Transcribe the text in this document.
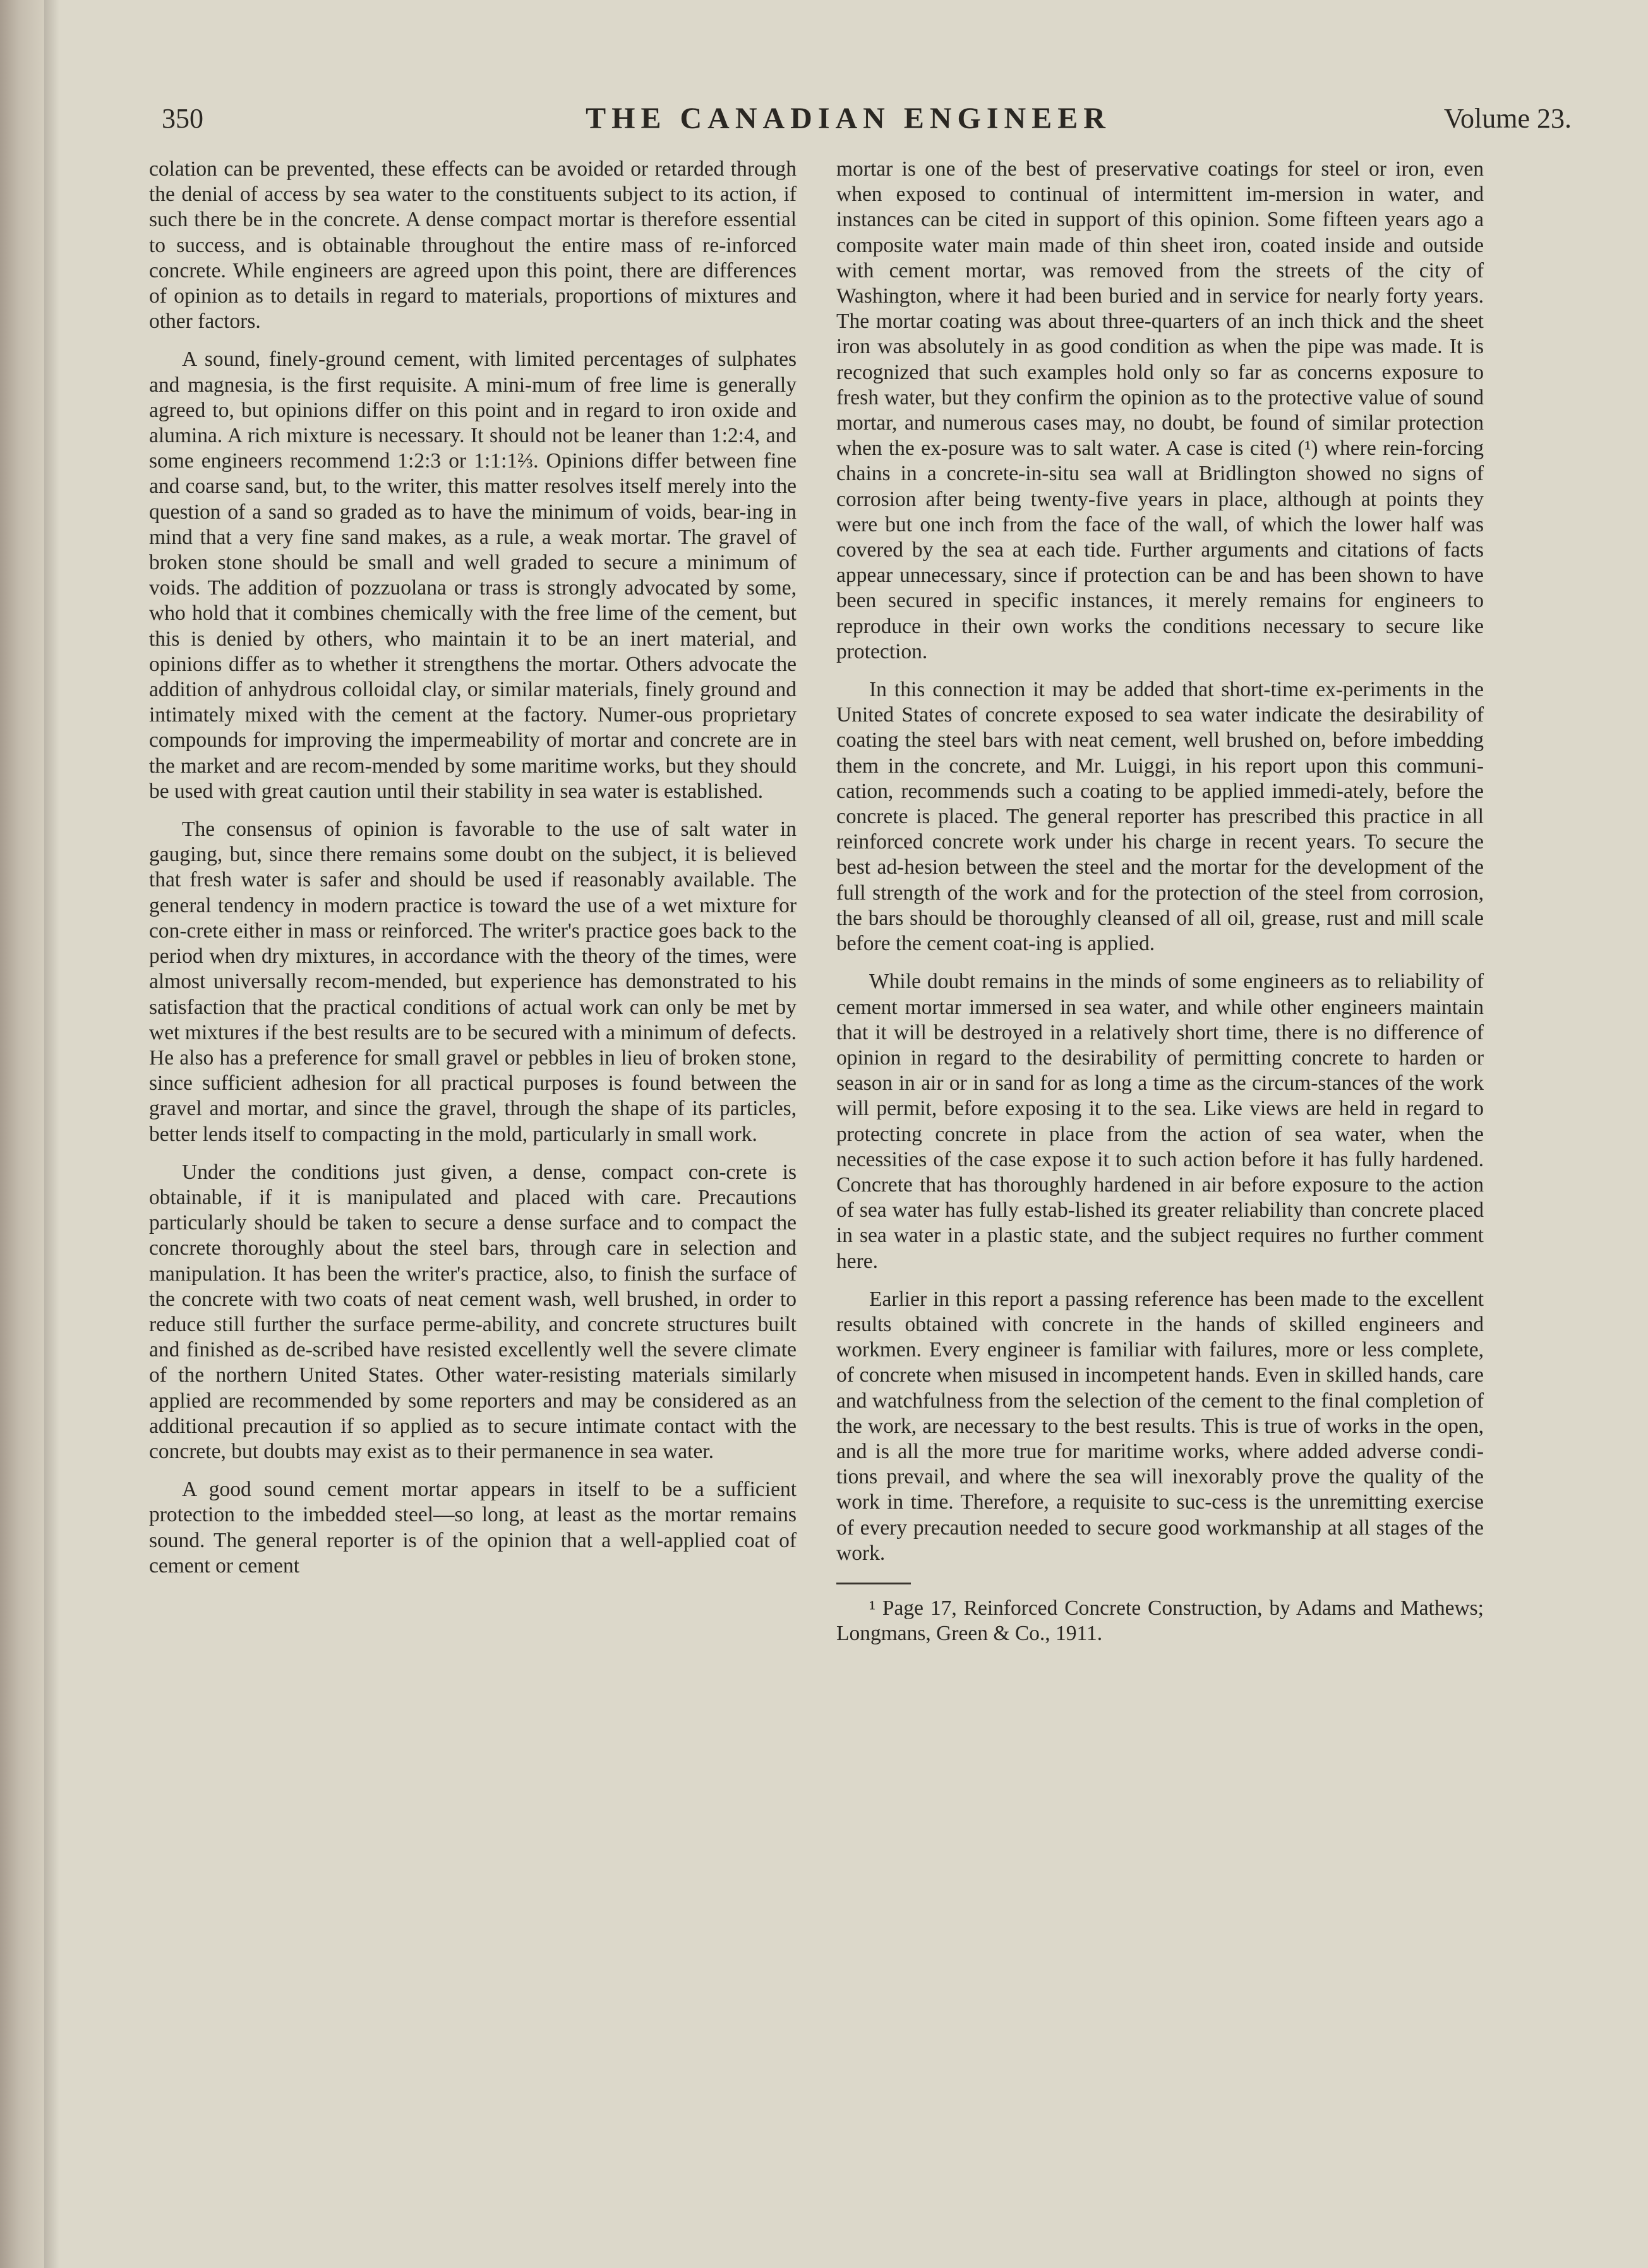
350	THE CANADIAN ENGINEER	Volume 23.

colation can be prevented, these effects can be avoided or retarded through the denial of access by sea water to the constituents subject to its action, if such there be in the concrete. A dense compact mortar is therefore essential to success, and is obtainable throughout the entire mass of re-inforced concrete. While engineers are agreed upon this point, there are differences of opinion as to details in regard to materials, proportions of mixtures and other factors.

A sound, finely-ground cement, with limited percentages of sulphates and magnesia, is the first requisite. A mini-mum of free lime is generally agreed to, but opinions differ on this point and in regard to iron oxide and alumina. A rich mixture is necessary. It should not be leaner than 1:2:4, and some engineers recommend 1:2:3 or 1:1:1⅔. Opinions differ between fine and coarse sand, but, to the writer, this matter resolves itself merely into the question of a sand so graded as to have the minimum of voids, bear-ing in mind that a very fine sand makes, as a rule, a weak mortar. The gravel of broken stone should be small and well graded to secure a minimum of voids. The addition of pozzuolana or trass is strongly advocated by some, who hold that it combines chemically with the free lime of the cement, but this is denied by others, who maintain it to be an inert material, and opinions differ as to whether it strengthens the mortar. Others advocate the addition of anhydrous colloidal clay, or similar materials, finely ground and intimately mixed with the cement at the factory. Numer-ous proprietary compounds for improving the impermeability of mortar and concrete are in the market and are recom-mended by some maritime works, but they should be used with great caution until their stability in sea water is established.

The consensus of opinion is favorable to the use of salt water in gauging, but, since there remains some doubt on the subject, it is believed that fresh water is safer and should be used if reasonably available. The general tendency in modern practice is toward the use of a wet mixture for con-crete either in mass or reinforced. The writer's practice goes back to the period when dry mixtures, in accordance with the theory of the times, were almost universally recom-mended, but experience has demonstrated to his satisfaction that the practical conditions of actual work can only be met by wet mixtures if the best results are to be secured with a minimum of defects. He also has a preference for small gravel or pebbles in lieu of broken stone, since sufficient adhesion for all practical purposes is found between the gravel and mortar, and since the gravel, through the shape of its particles, better lends itself to compacting in the mold, particularly in small work.

Under the conditions just given, a dense, compact con-crete is obtainable, if it is manipulated and placed with care. Precautions particularly should be taken to secure a dense surface and to compact the concrete thoroughly about the steel bars, through care in selection and manipulation. It has been the writer's practice, also, to finish the surface of the concrete with two coats of neat cement wash, well brushed, in order to reduce still further the surface perme-ability, and concrete structures built and finished as de-scribed have resisted excellently well the severe climate of the northern United States. Other water-resisting materials similarly applied are recommended by some reporters and may be considered as an additional precaution if so applied as to secure intimate contact with the concrete, but doubts may exist as to their permanence in sea water.

A good sound cement mortar appears in itself to be a sufficient protection to the imbedded steel—so long, at least as the mortar remains sound. The general reporter is of the opinion that a well-applied coat of cement or cement

mortar is one of the best of preservative coatings for steel or iron, even when exposed to continual of intermittent im-mersion in water, and instances can be cited in support of this opinion. Some fifteen years ago a composite water main made of thin sheet iron, coated inside and outside with cement mortar, was removed from the streets of the city of Washington, where it had been buried and in service for nearly forty years. The mortar coating was about three-quarters of an inch thick and the sheet iron was absolutely in as good condition as when the pipe was made. It is recognized that such examples hold only so far as concerns exposure to fresh water, but they confirm the opinion as to the protective value of sound mortar, and numerous cases may, no doubt, be found of similar protection when the ex-posure was to salt water. A case is cited (¹) where rein-forcing chains in a concrete-in-situ sea wall at Bridlington showed no signs of corrosion after being twenty-five years in place, although at points they were but one inch from the face of the wall, of which the lower half was covered by the sea at each tide. Further arguments and citations of facts appear unnecessary, since if protection can be and has been shown to have been secured in specific instances, it merely remains for engineers to reproduce in their own works the conditions necessary to secure like protection.

In this connection it may be added that short-time ex-periments in the United States of concrete exposed to sea water indicate the desirability of coating the steel bars with neat cement, well brushed on, before imbedding them in the concrete, and Mr. Luiggi, in his report upon this communi-cation, recommends such a coating to be applied immedi-ately, before the concrete is placed. The general reporter has prescribed this practice in all reinforced concrete work under his charge in recent years. To secure the best ad-hesion between the steel and the mortar for the development of the full strength of the work and for the protection of the steel from corrosion, the bars should be thoroughly cleansed of all oil, grease, rust and mill scale before the cement coat-ing is applied.

While doubt remains in the minds of some engineers as to reliability of cement mortar immersed in sea water, and while other engineers maintain that it will be destroyed in a relatively short time, there is no difference of opinion in regard to the desirability of permitting concrete to harden or season in air or in sand for as long a time as the circum-stances of the work will permit, before exposing it to the sea. Like views are held in regard to protecting concrete in place from the action of sea water, when the necessities of the case expose it to such action before it has fully hardened. Concrete that has thoroughly hardened in air before exposure to the action of sea water has fully estab-lished its greater reliability than concrete placed in sea water in a plastic state, and the subject requires no further comment here.

Earlier in this report a passing reference has been made to the excellent results obtained with concrete in the hands of skilled engineers and workmen. Every engineer is familiar with failures, more or less complete, of concrete when misused in incompetent hands. Even in skilled hands, care and watchfulness from the selection of the cement to the final completion of the work, are necessary to the best results. This is true of works in the open, and is all the more true for maritime works, where added adverse condi-tions prevail, and where the sea will inexorably prove the quality of the work in time. Therefore, a requisite to suc-cess is the unremitting exercise of every precaution needed to secure good workmanship at all stages of the work.

¹ Page 17, Reinforced Concrete Construction, by Adams and Mathews; Longmans, Green & Co., 1911.
